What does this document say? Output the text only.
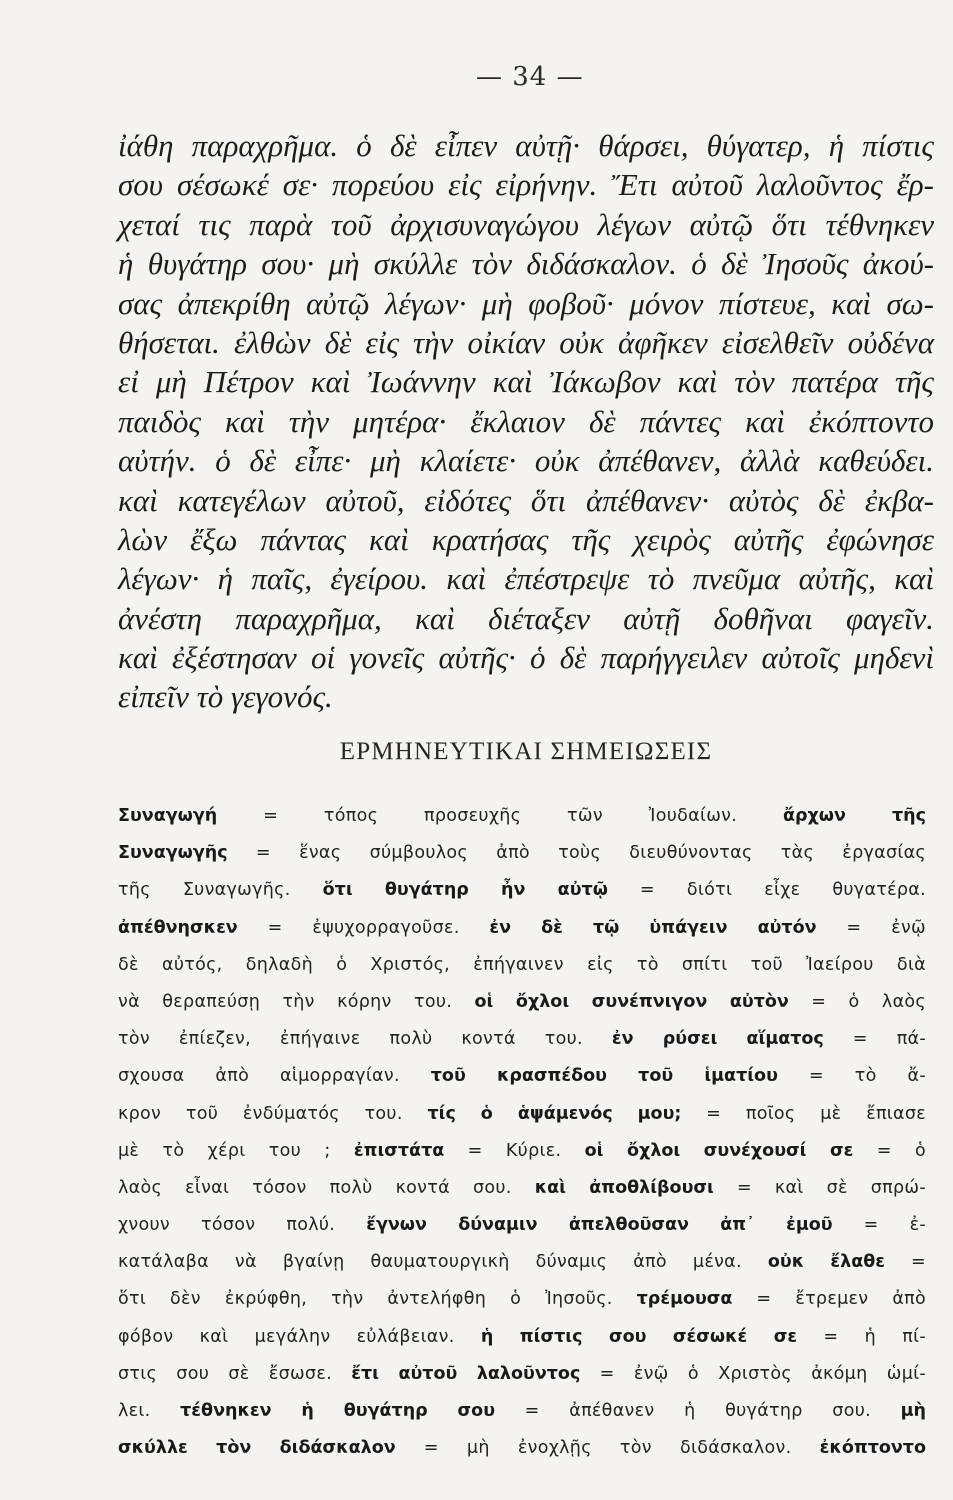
— 34 —
ἰάθη παραχρῆμα. ὁ δὲ εἶπεν αὐτῇ· θάρσει, θύγατερ, ἡ πίστις
σου σέσωκέ σε· πορεύου εἰς εἰρήνην. Ἔτι αὐτοῦ λαλοῦντος ἔρ-
χεταί τις παρὰ τοῦ ἀρχισυναγώγου λέγων αὐτῷ ὅτι τέθνηκεν
ἡ θυγάτηρ σου· μὴ σκύλλε τὸν διδάσκαλον. ὁ δὲ Ἰησοῦς ἀκού-
σας ἀπεκρίθη αὐτῷ λέγων· μὴ φοβοῦ· μόνον πίστευε, καὶ σω-
θήσεται. ἐλθὼν δὲ εἰς τὴν οἰκίαν οὐκ ἀφῆκεν εἰσελθεῖν οὐδένα
εἰ μὴ Πέτρον καὶ Ἰωάννην καὶ Ἰάκωβον καὶ τὸν πατέρα τῆς
παιδὸς καὶ τὴν μητέρα· ἔκλαιον δὲ πάντες καὶ ἐκόπτοντο
αὐτήν. ὁ δὲ εἶπε· μὴ κλαίετε· οὐκ ἀπέθανεν, ἀλλὰ καθεύδει.
καὶ κατεγέλων αὐτοῦ, εἰδότες ὅτι ἀπέθανεν· αὐτὸς δὲ ἐκβα-
λὼν ἔξω πάντας καὶ κρατήσας τῆς χειρὸς αὐτῆς ἐφώνησε
λέγων· ἡ παῖς, ἐγείρου. καὶ ἐπέστρεψε τὸ πνεῦμα αὐτῆς, καὶ
ἀνέστη παραχρῆμα, καὶ διέταξεν αὐτῇ δοθῆναι φαγεῖν.
καὶ ἐξέστησαν οἱ γονεῖς αὐτῆς· ὁ δὲ παρήγγειλεν αὐτοῖς μηδενὶ
εἰπεῖν τὸ γεγονός.
ΕΡΜΗΝΕΥΤΙΚΑΙ ΣΗΜΕΙΩΣΕΙΣ
Συναγωγή = τόπος προσευχῆς τῶν Ἰουδαίων. ἄρχων τῆς
Συναγωγῆς = ἕνας σύμβουλος ἀπὸ τοὺς διευθύνοντας τὰς ἐργασίας
τῆς Συναγωγῆς. ὅτι θυγάτηρ ἦν αὐτῷ = διότι εἶχε θυγατέρα.
ἀπέθνησκεν = ἐψυχορραγοῦσε. ἐν δὲ τῷ ὑπάγειν αὐτόν = ἐνῷ
δὲ αὐτός, δηλαδὴ ὁ Χριστός, ἐπήγαινεν εἰς τὸ σπίτι τοῦ Ἰαείρου διὰ
νὰ θεραπεύσῃ τὴν κόρην του. οἱ ὄχλοι συνέπνιγον αὐτὸν = ὁ λαὸς
τὸν ἐπίεζεν, ἐπήγαινε πολὺ κοντά του. ἐν ρύσει αἵματος = πά-
σχουσα ἀπὸ αἱμορραγίαν. τοῦ κρασπέδου τοῦ ἱματίου = τὸ ἄ-
κρον τοῦ ἐνδύματός του. τίς ὁ ἁψάμενός μου; = ποῖος μὲ ἔπιασε
μὲ τὸ χέρι του ; ἐπιστάτα = Κύριε. οἱ ὄχλοι συνέχουσί σε = ὁ
λαὸς εἶναι τόσον πολὺ κοντά σου. καὶ ἀποθλίβουσι = καὶ σὲ σπρώ-
χνουν τόσον πολύ. ἔγνων δύναμιν ἀπελθοῦσαν ἀπ᾿ ἐμοῦ = ἐ-
κατάλαβα νὰ βγαίνῃ θαυματουργικὴ δύναμις ἀπὸ μένα. οὐκ ἔλαθε =
ὅτι δὲν ἐκρύφθη, τὴν ἀντελήφθη ὁ Ἰησοῦς. τρέμουσα = ἔτρεμεν ἀπὸ
φόβον καὶ μεγάλην εὐλάβειαν. ἡ πίστις σου σέσωκέ σε = ἡ πί-
στις σου σὲ ἔσωσε. ἔτι αὐτοῦ λαλοῦντος = ἐνῷ ὁ Χριστὸς ἀκόμη ὡμί-
λει. τέθνηκεν ἡ θυγάτηρ σου = ἀπέθανεν ἡ θυγάτηρ σου. μὴ
σκύλλε τὸν διδάσκαλον = μὴ ἐνοχλῇς τὸν διδάσκαλον. ἐκόπτοντο
